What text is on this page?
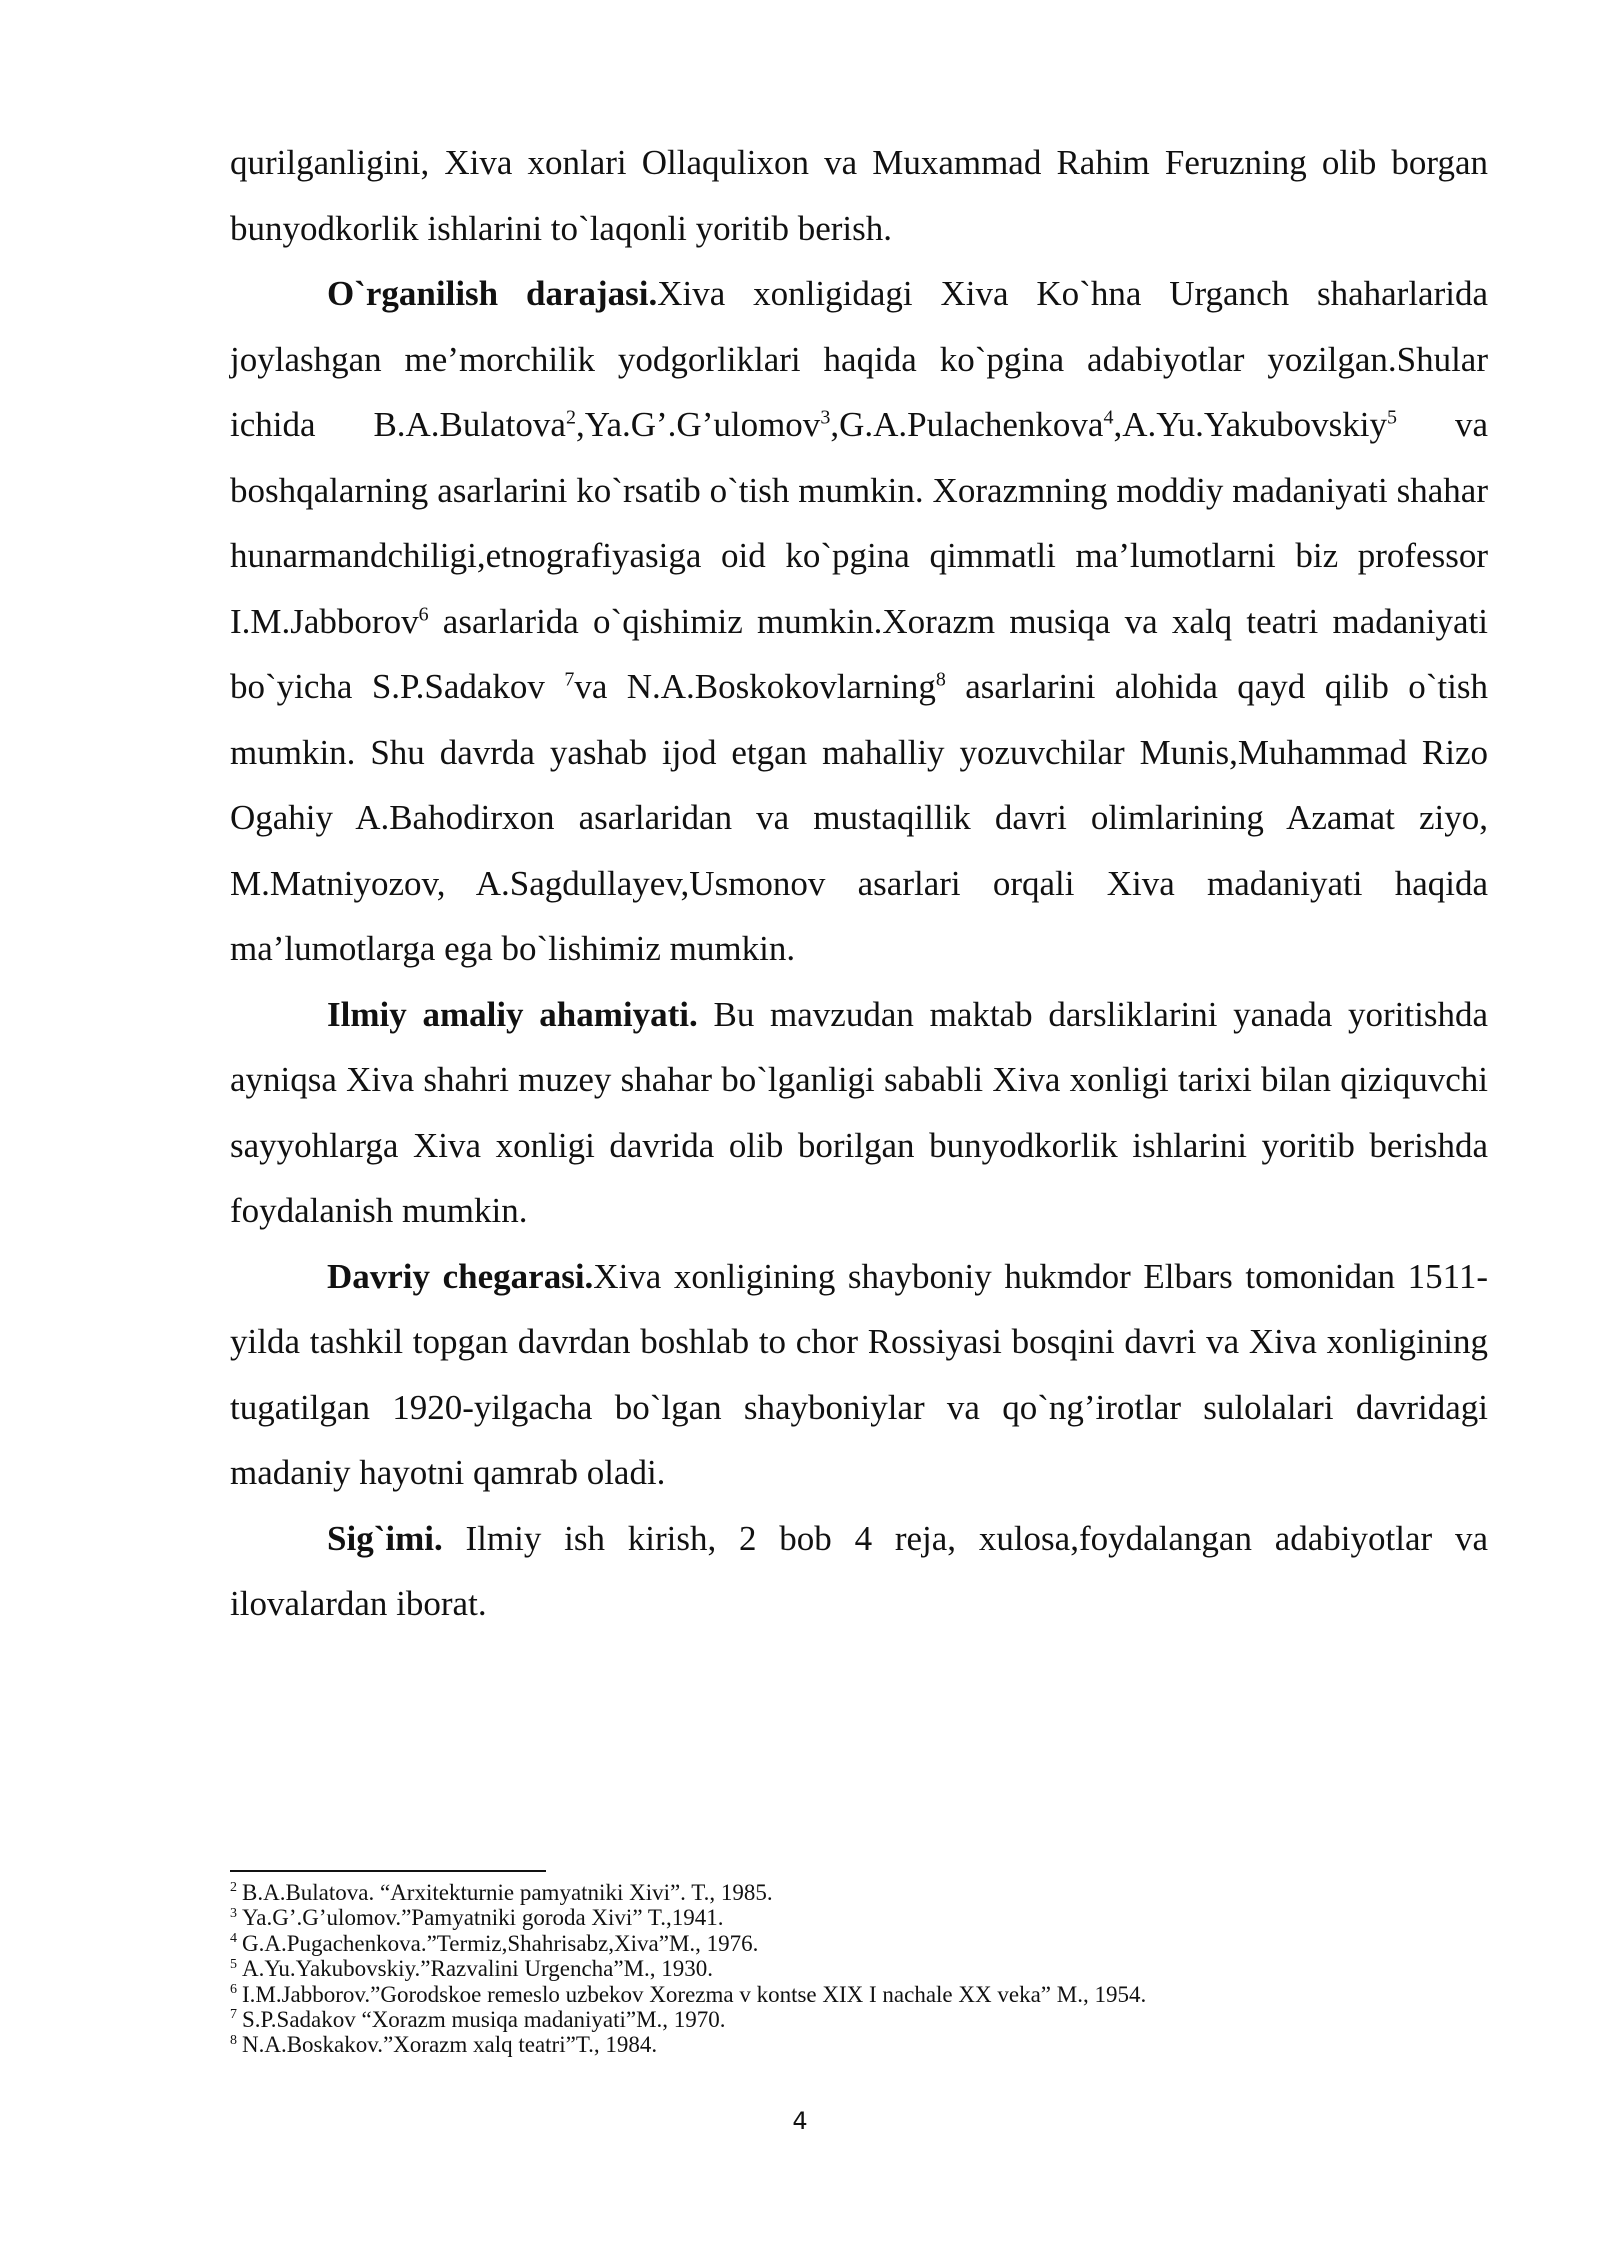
qurilganligini, Xiva xonlari Ollaqulixon va Muxammad Rahim Feruzning olib borgan bunyodkorlik ishlarini to`laqonli yoritib berish.

O`rganilish darajasi.Xiva xonligidagi Xiva Ko`hna Urganch shaharlarida joylashgan me’morchilik yodgorliklari haqida ko`pgina adabiyotlar yozilgan.Shular ichida B.A.Bulatova$^2$,Ya.G’.G’ulomov$^3$,G.A.Pulachenkova$^4$,A.Yu.Yakubovskiy$^5$ va boshqalarning asarlarini ko`rsatib o`tish mumkin. Xorazmning moddiy madaniyati shahar hunarmandchiligi,etnografiyasiga oid ko`pgina qimmatli ma’lumotlarni biz professor I.M.Jabborov$^6$ asarlarida o`qishimiz mumkin.Xorazm musiqa va xalq teatri madaniyati bo`yicha S.P.Sadakov $^7$va N.A.Boskokovlarning$^8$ asarlarini alohida qayd qilib o`tish mumkin. Shu davrda yashab ijod etgan mahalliy yozuvchilar Munis,Muhammad Rizo Ogahiy A.Bahodirxon asarlaridan va mustaqillik davri olimlarining Azamat ziyo, M.Matniyozov, A.Sagdullayev,Usmonov asarlari orqali Xiva madaniyati haqida ma’lumotlarga ega bo`lishimiz mumkin.

Ilmiy amaliy ahamiyati. Bu mavzudan maktab darsliklarini yanada yoritishda ayniqsa Xiva shahri muzey shahar bo`lganligi sababli Xiva xonligi tarixi bilan qiziquvchi sayyohlarga Xiva xonligi davrida olib borilgan bunyodkorlik ishlarini yoritib berishda foydalanish mumkin.

Davriy chegarasi.Xiva xonligining shayboniy hukmdor Elbars tomonidan 1511-yilda tashkil topgan davrdan boshlab to chor Rossiyasi bosqini davri va Xiva xonligining tugatilgan 1920-yilgacha bo`lgan shayboniylar va qo`ng’irotlar sulolalari davridagi madaniy hayotni qamrab oladi.

Sig`imi. Ilmiy ish kirish, 2 bob 4 reja, xulosa,foydalangan adabiyotlar va ilovalardan iborat.

$^2$ B.A.Bulatova. “Arxitekturnie pamyatniki Xivi”. T., 1985.

$^3$ Ya.G’.G’ulomov.”Pamyatniki goroda Xivi” T.,1941.

$^4$ G.A.Pugachenkova.”Termiz,Shahrisabz,Xiva”M., 1976.

$^5$ A.Yu.Yakubovskiy.”Razvalini Urgencha”M., 1930.

$^6$ I.M.Jabborov.”Gorodskoe remeslo uzbekov Xorezma v kontse XIX I nachale XX veka” M., 1954.

$^7$ S.P.Sadakov “Xorazm musiqa madaniyati”M., 1970.

$^8$ N.A.Boskakov.”Xorazm xalq teatri”T., 1984.

4
